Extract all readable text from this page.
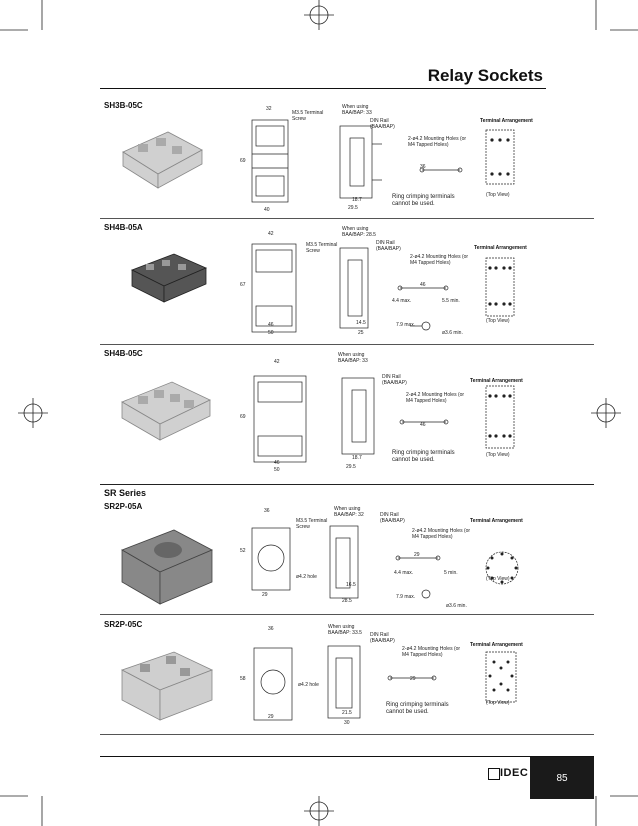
Relay Sockets
SH3B-05C	32
69
40
18.7
29.5
36
M3.5 Terminal Screw
When using BAA/BAP: 33
DIN Rail (BAA/BAP)
2-ø4.2 Mounting Holes (or M4 Tapped Holes)
Ring crimping terminals cannot be used.
Terminal Arrangement
(Top View)
SH4B-05A
42
67
46
50
14.5
25
46
M3.5 Terminal Screw
When using BAA/BAP: 28.5
DIN Rail (BAA/BAP)
2-ø4.2 Mounting Holes (or M4 Tapped Holes)
4.4 max.	5.5 min.
7.9 max.
ø3.6 min.
Terminal Arrangement
(Top View)
SH4B-05C
42
69
46
50
18.7
29.5
46
When using BAA/BAP: 33
DIN Rail (BAA/BAP)
2-ø4.2 Mounting Holes (or M4 Tapped Holes)
Ring crimping terminals cannot be used.
Terminal Arrangement
(Top View)
SR Series
SR2P-05A	36
52
29
16.5
28.5
29
M3.5 Terminal Screw
ø4.2 hole
When using BAA/BAP: 32	DIN Rail (BAA/BAP)
2-ø4.2 Mounting Holes (or M4 Tapped Holes)
4.4 max.	5 min.
7.9 max.
ø3.6 min.
Terminal Arrangement
(Top View)
SR2P-05C	36
58
29
21.5
30
29
ø4.2 hole
When using BAA/BAP: 33.5	DIN Rail (BAA/BAP)
2-ø4.2 Mounting Holes (or M4 Tapped Holes)
Ring crimping terminals cannot be used.
Terminal Arrangement
(Top View)
IDEC	85
